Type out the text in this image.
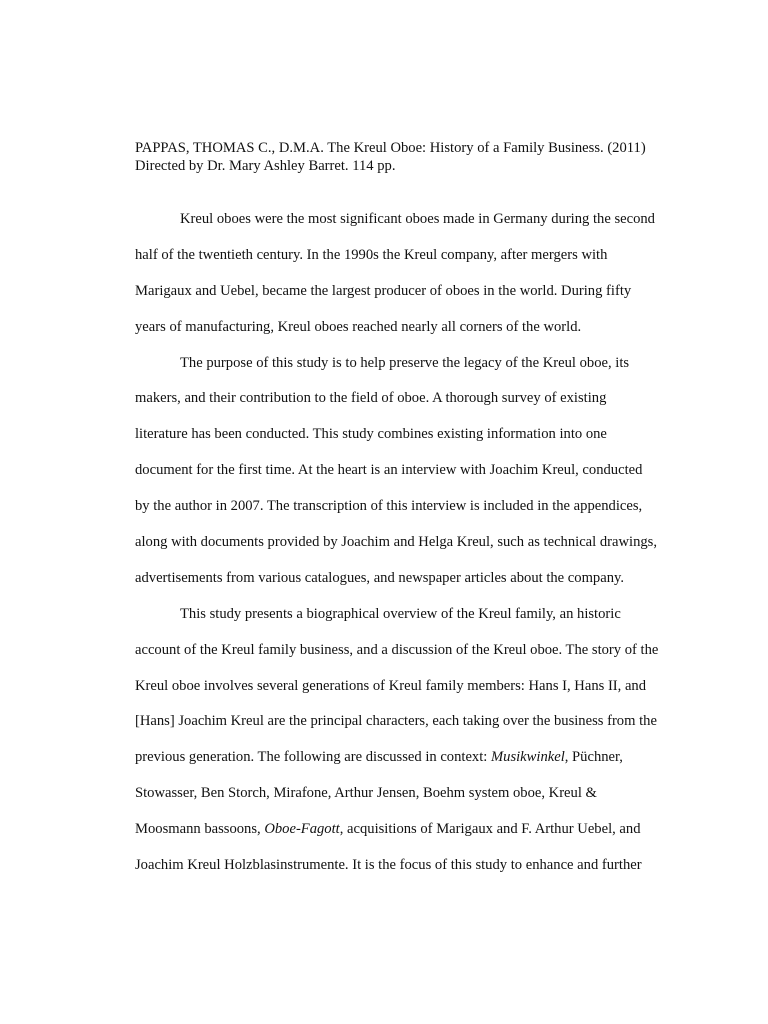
PAPPAS, THOMAS C., D.M.A. The Kreul Oboe: History of a Family Business. (2011)
Directed by Dr. Mary Ashley Barret. 114 pp.
Kreul oboes were the most significant oboes made in Germany during the second
half of the twentieth century. In the 1990s the Kreul company, after mergers with
Marigaux and Uebel, became the largest producer of oboes in the world. During fifty
years of manufacturing, Kreul oboes reached nearly all corners of the world.
The purpose of this study is to help preserve the legacy of the Kreul oboe, its
makers, and their contribution to the field of oboe. A thorough survey of existing
literature has been conducted. This study combines existing information into one
document for the first time. At the heart is an interview with Joachim Kreul, conducted
by the author in 2007. The transcription of this interview is included in the appendices,
along with documents provided by Joachim and Helga Kreul, such as technical drawings,
advertisements from various catalogues, and newspaper articles about the company.
This study presents a biographical overview of the Kreul family, an historic
account of the Kreul family business, and a discussion of the Kreul oboe. The story of the
Kreul oboe involves several generations of Kreul family members: Hans I, Hans II, and
[Hans] Joachim Kreul are the principal characters, each taking over the business from the
previous generation. The following are discussed in context: Musikwinkel, Püchner,
Stowasser, Ben Storch, Mirafone, Arthur Jensen, Boehm system oboe, Kreul &
Moosmann bassoons, Oboe-Fagott, acquisitions of Marigaux and F. Arthur Uebel, and
Joachim Kreul Holzblasinstrumente. It is the focus of this study to enhance and further
